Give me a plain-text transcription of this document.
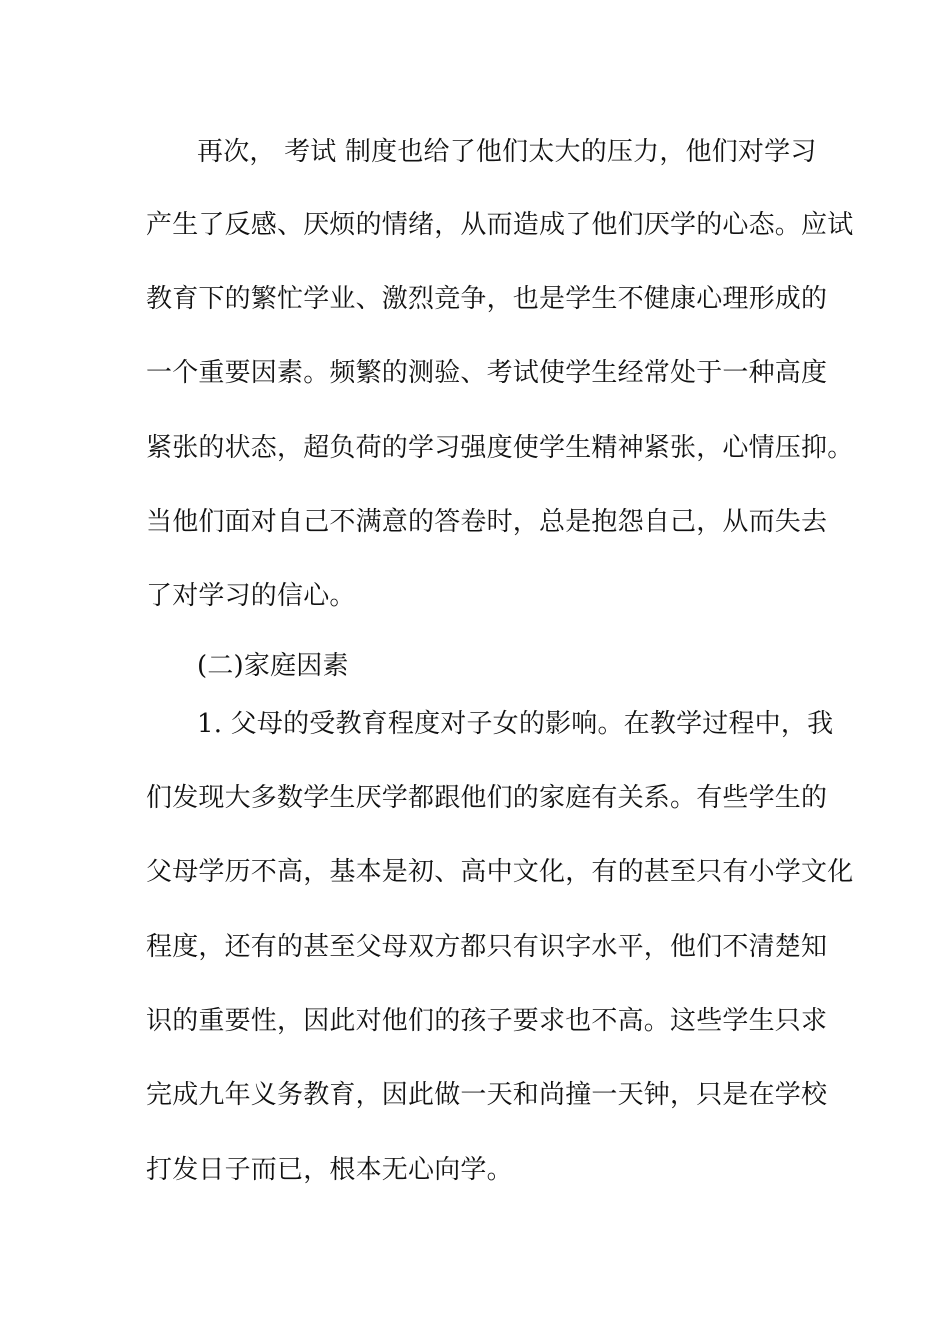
再次， 考试 制度也给了他们太大的压力，他们对学习
产生了反感、厌烦的情绪，从而造成了他们厌学的心态。应试
教育下的繁忙学业、激烈竞争，也是学生不健康心理形成的
一个重要因素。频繁的测验、考试使学生经常处于一种高度
紧张的状态，超负荷的学习强度使学生精神紧张，心情压抑。
当他们面对自己不满意的答卷时，总是抱怨自己，从而失去
了对学习的信心。
(二)家庭因素
1. 父母的受教育程度对子女的影响。在教学过程中，我
们发现大多数学生厌学都跟他们的家庭有关系。有些学生的
父母学历不高，基本是初、高中文化，有的甚至只有小学文化
程度，还有的甚至父母双方都只有识字水平，他们不清楚知
识的重要性，因此对他们的孩子要求也不高。这些学生只求
完成九年义务教育，因此做一天和尚撞一天钟，只是在学校
打发日子而已，根本无心向学。
